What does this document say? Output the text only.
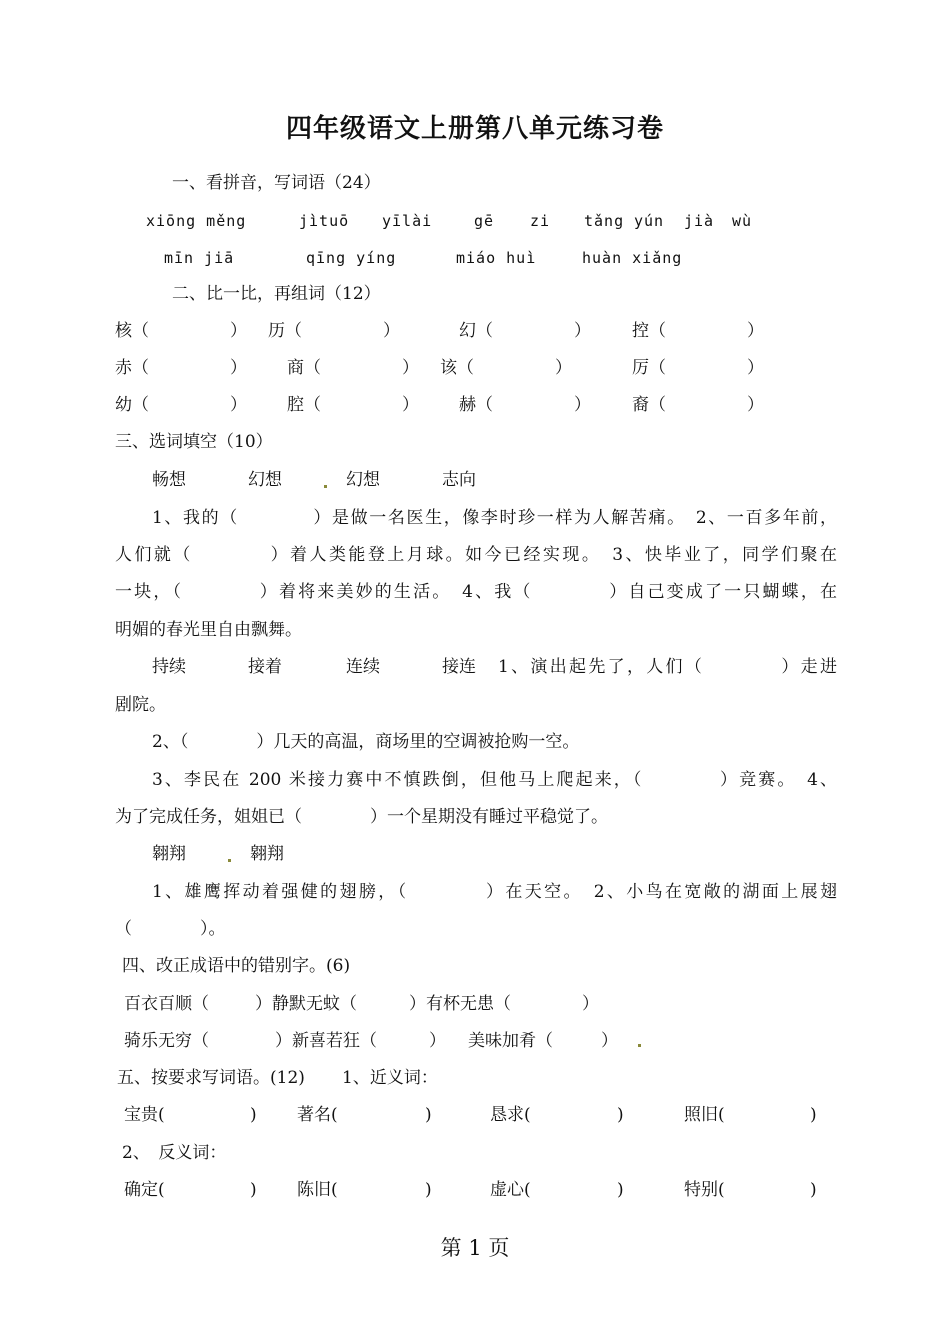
四年级语文上册第八单元练习卷
一、看拼音，写词语（24）
xiōng měng	jìtuō yīlài	gē zi tǎng yún jià wù
mīn jiā	qīng yíng	miáo huì	huàn xiǎng
二、比一比，再组词（12）
核（	） 历（	）	幻（	） 控（	）
赤（	） 商（	） 该（	）	厉（	）
幼（	） 腔（	） 赫（	） 裔（	）
三、选词填空（10）
畅想	幻想	幻想	志向
1、我的（　　　　）是做一名医生，像李时珍一样为人解苦痛。　2、一百多年前，
人们就（　　　　）着人类能登上月球。如今已经实现。　3、快毕业了，同学们聚在
一块，（　　　　）着将来美妙的生活。　4、我（　　　　）自己变成了一只蝴蝶，在
明媚的春光里自由飘舞。
持续	接着	连续	接连 1、演出起先了，人们（　　　　）走进
剧院。
2、（　　　　）几天的高温，商场里的空调被抢购一空。
3、李民在 200 米接力赛中不慎跌倒，但他马上爬起来，（　　　　）竞赛。　4、
为了完成任务，姐姐已（　　　　）一个星期没有睡过平稳觉了。
翱翔	翱翔
1、雄鹰挥动着强健的翅膀，（　　　　）在天空。　2、小鸟在宽敞的湖面上展翅
（　　　　）。
四、改正成语中的错别字。(6)
百衣百顺（	）静默无蚊（	）有杯无患（	）
骑乐无穷（	）新喜若狂（	） 美味加肴（	）
五、按要求写词语。(12) 1、近义词：
宝贵(	) 著名(	)	恳求(	)	照旧(	)
2、　反义词：
确定(	) 陈旧(	)	虚心(	)	特别(	)
第 1 页
